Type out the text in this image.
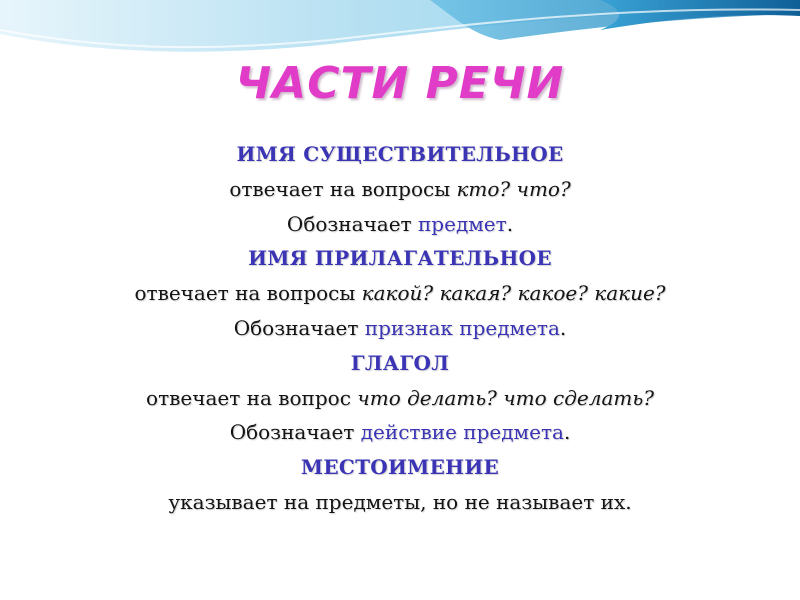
ЧАСТИ РЕЧИ
ИМЯ СУЩЕСТВИТЕЛЬНОЕ
отвечает на вопросы кто? что?
Обозначает предмет.
ИМЯ ПРИЛАГАТЕЛЬНОЕ
отвечает на вопросы какой? какая? какое? какие?
Обозначает признак предмета.
ГЛАГОЛ
отвечает на вопрос что делать? что сделать?
Обозначает действие предмета.
МЕСТОИМЕНИЕ
указывает на предметы, но не называет их.
